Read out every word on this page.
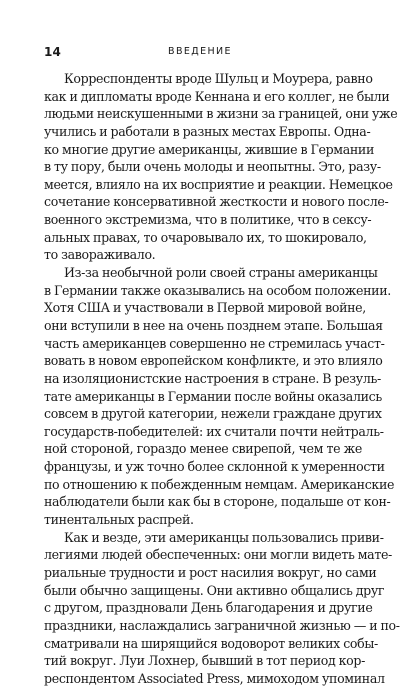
14	ВВЕДЕНИЕ
Корреспонденты вроде Шульц и Моурера, равно
как и дипломаты вроде Кеннана и его коллег, не были
людьми неискушенными в жизни за границей, они уже
учились и работали в разных местах Европы. Одна-
ко многие другие американцы, жившие в Германии
в ту пору, были очень молоды и неопытны. Это, разу-
меется, влияло на их восприятие и реакции. Немецкое
сочетание консервативной жесткости и нового после-
военного экстремизма, что в политике, что в сексу-
альных правах, то очаровывало их, то шокировало,
то завораживало.
Из-за необычной роли своей страны американцы
в Германии также оказывались на особом положении.
Хотя США и участвовали в Первой мировой войне,
они вступили в нее на очень позднем этапе. Большая
часть американцев совершенно не стремилась участ-
вовать в новом европейском конфликте, и это влияло
на изоляционистские настроения в стране. В резуль-
тате американцы в Германии после войны оказались
совсем в другой категории, нежели граждане других
государств-победителей: их считали почти нейтраль-
ной стороной, гораздо менее свирепой, чем те же
французы, и уж точно более склонной к умеренности
по отношению к побежденным немцам. Американские
наблюдатели были как бы в стороне, подальше от кон-
тинентальных распрей.
Как и везде, эти американцы пользовались приви-
легиями людей обеспеченных: они могли видеть мате-
риальные трудности и рост насилия вокруг, но сами
были обычно защищены. Они активно общались друг
с другом, праздновали День благодарения и другие
праздники, наслаждались заграничной жизнью — и по-
сматривали на ширящийся водоворот великих собы-
тий вокруг. Луи Лохнер, бывший в тот период кор-
респондентом Associated Press, мимоходом упоминал
